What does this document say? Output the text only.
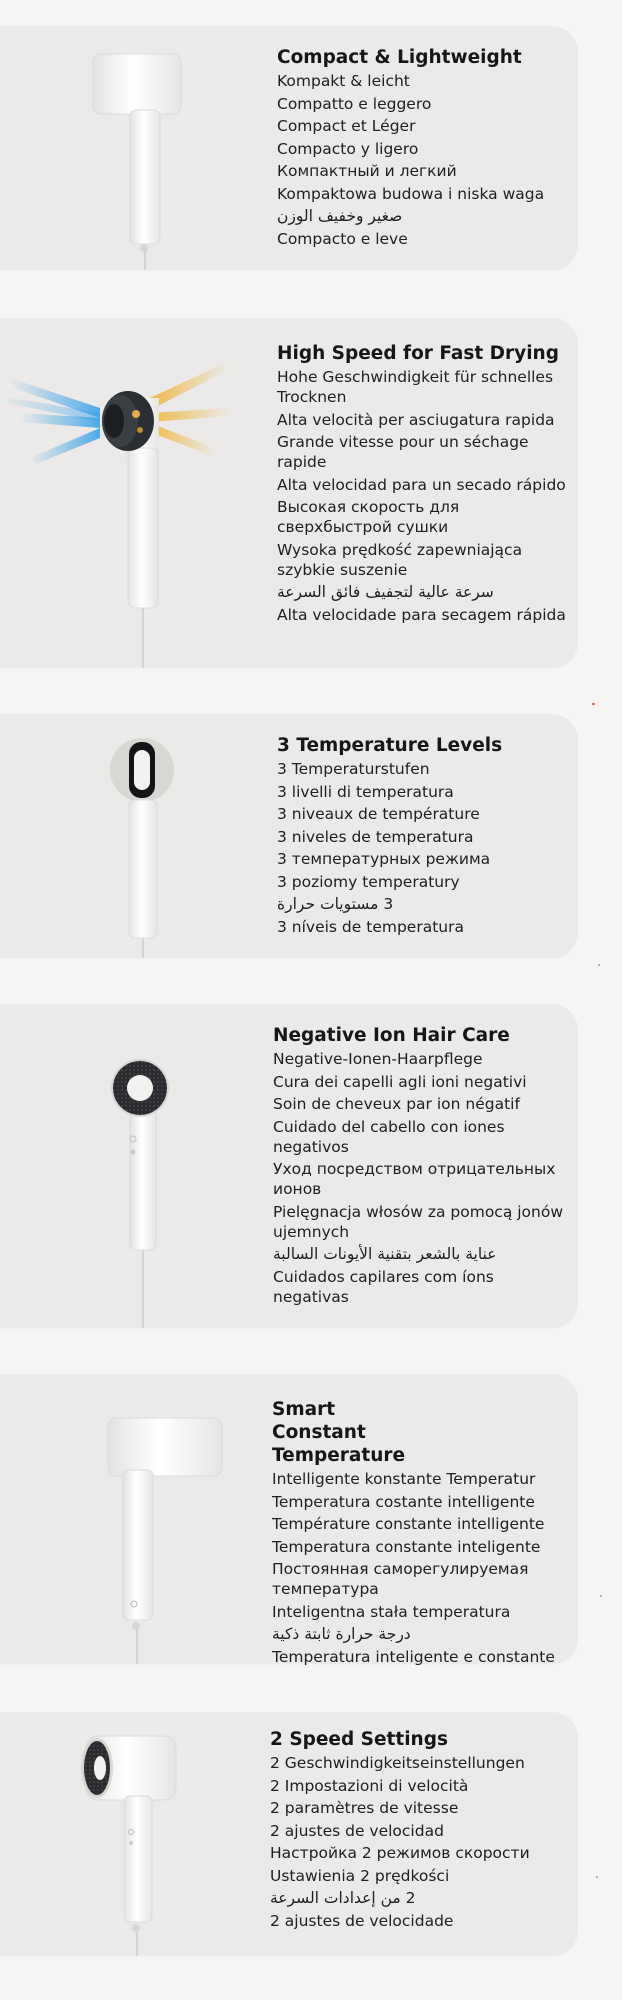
Compact & Lightweight
Kompakt & leicht
Compatto e leggero
Compact et Léger
Compacto y ligero
Компактный и легкий
Kompaktowa budowa i niska waga
صغير وخفيف الوزن
Compacto e leve
High Speed for Fast Drying
Hohe Geschwindigkeit für schnelles Trocknen
Alta velocità per asciugatura rapida
Grande vitesse pour un séchage rapide
Alta velocidad para un secado rápido
Высокая скорость для сверхбыстрой сушки
Wysoka prędkość zapewniająca szybkie suszenie
سرعة عالية لتجفيف فائق السرعة
Alta velocidade para secagem rápida
3 Temperature Levels
3 Temperaturstufen
3 livelli di temperatura
3 niveaux de température
3 niveles de temperatura
3 температурных режима
3 poziomy temperatury
3 مستويات حرارة
3 níveis de temperatura
Negative Ion Hair Care
Negative-Ionen-Haarpflege
Cura dei capelli agli ioni negativi
Soin de cheveux par ion négatif
Cuidado del cabello con iones negativos
Уход посредством отрицательных ионов
Pielęgnacja włosów za pomocą jonów ujemnych
عناية بالشعر بتقنية الأيونات السالبة
Cuidados capilares com íons negativas
Smart Constant Temperature
Intelligente konstante Temperatur
Temperatura costante intelligente
Température constante intelligente
Temperatura constante inteligente
Постоянная саморегулируемая температура
Inteligentna stała temperatura
درجة حرارة ثابتة ذكية
Temperatura inteligente e constante
2 Speed Settings
2 Geschwindigkeitseinstellungen
2 Impostazioni di velocità
2 paramètres de vitesse
2 ajustes de velocidad
Настройка 2 режимов скорости
Ustawienia 2 prędkości
2 من إعدادات السرعة
2 ajustes de velocidade
